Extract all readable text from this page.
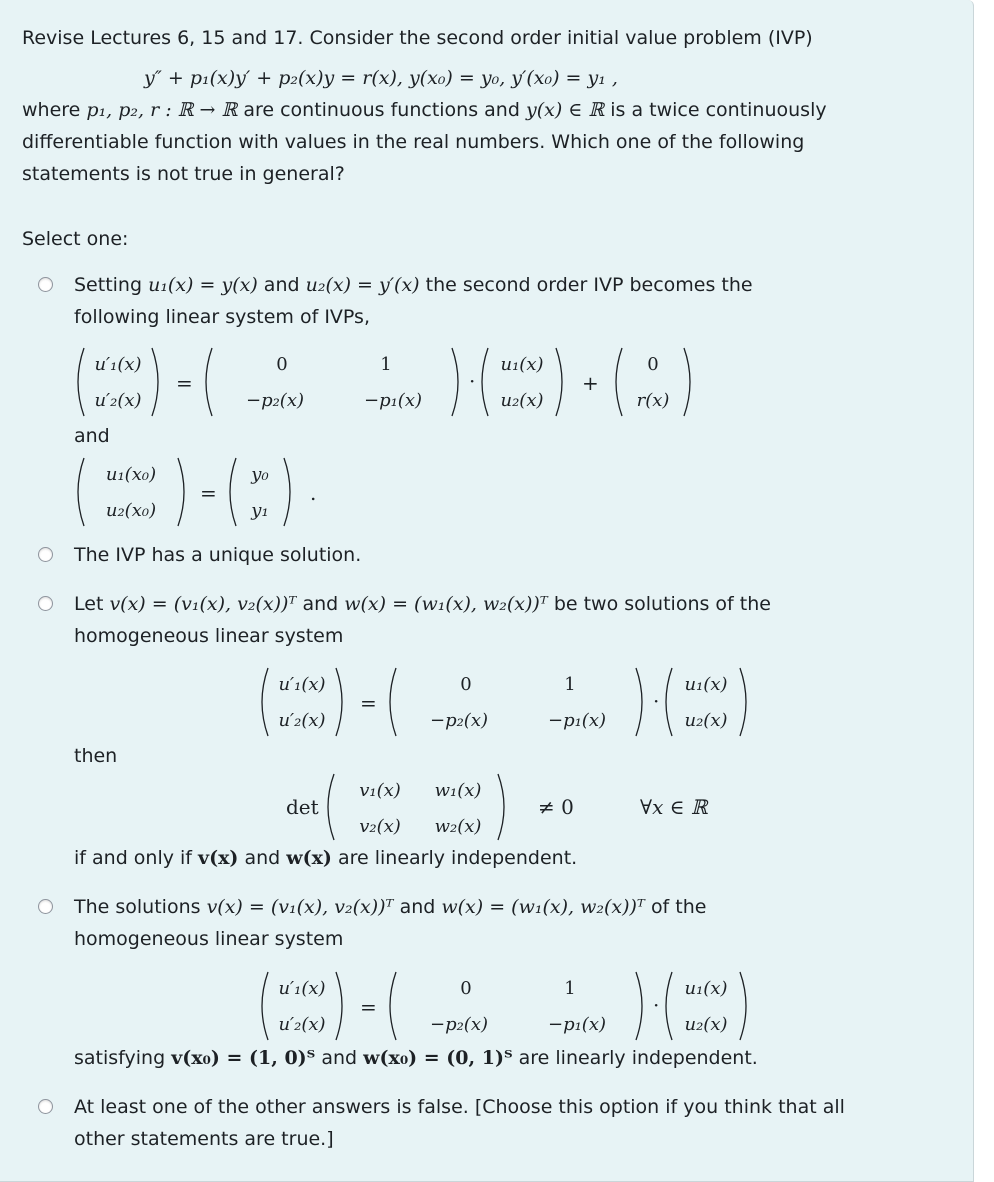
Revise Lectures 6, 15 and 17. Consider the second order initial value problem (IVP)
y″ + p₁(x)y′ + p₂(x)y = r(x), y(x₀) = y₀, y′(x₀) = y₁ ,
where p₁, p₂, r : ℝ → ℝ are continuous functions and y(x) ∈ ℝ is a twice continuously
differentiable function with values in the real numbers. Which one of the following
statements is not true in general?
Select one:
Setting u₁(x) = y(x) and u₂(x) = y′(x) the second order IVP becomes the
following linear system of IVPs,
u′₁(x)
u′₂(x)
=
0	1
−p₂(x)	−p₁(x)
·
u₁(x)
u₂(x)
+
0
r(x)
and
u₁(x₀)
u₂(x₀)
=
y₀
y₁
.
The IVP has a unique solution.
Let v(x) = (v₁(x), v₂(x))ᵀ and w(x) = (w₁(x), w₂(x))ᵀ be two solutions of the
homogeneous linear system
u′₁(x)
u′₂(x)
=
0	1
−p₂(x)	−p₁(x)
·
u₁(x)
u₂(x)
then
det
v₁(x) w₁(x)
v₂(x) w₂(x)
≠ 0	∀x ∈ ℝ
if and only if v(x) and w(x) are linearly independent.
The solutions v(x) = (v₁(x), v₂(x))ᵀ and w(x) = (w₁(x), w₂(x))ᵀ of the
homogeneous linear system
u′₁(x)
u′₂(x)
=
0	1
−p₂(x)	−p₁(x)
·
u₁(x)
u₂(x)
satisfying v(x₀) = (1, 0)ᵀ and w(x₀) = (0, 1)ᵀ are linearly independent.
At least one of the other answers is false. [Choose this option if you think that all
other statements are true.]
